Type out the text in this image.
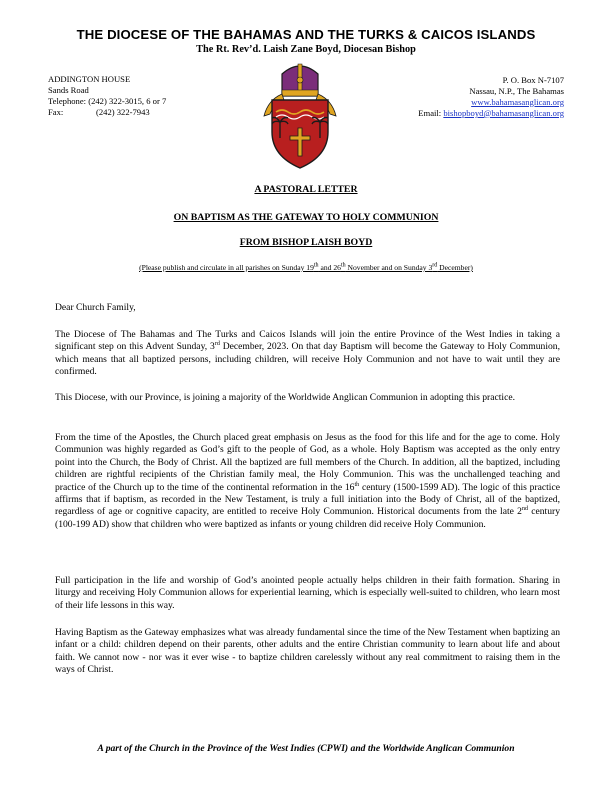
THE DIOCESE OF THE BAHAMAS AND THE TURKS & CAICOS ISLANDS
The Rt. Rev’d. Laish Zane Boyd, Diocesan Bishop
ADDINGTON HOUSE
Sands Road
Telephone: (242) 322-3015, 6 or 7
Fax:	(242) 322-7943
P. O. Box N-7107
Nassau, N.P., The Bahamas
www.bahamasanglican.org
Email: bishopboyd@bahamasanglican.org
A PASTORAL LETTER
ON BAPTISM AS THE GATEWAY TO HOLY COMMUNION
FROM BISHOP LAISH BOYD
(Please publish and circulate in all parishes on Sunday 19th and 26th November and on Sunday 3rd December)
Dear Church Family,
The Diocese of The Bahamas and The Turks and Caicos Islands will join the entire Province of the West Indies in taking a significant step on this Advent Sunday, 3rd December, 2023. On that day Baptism will become the Gateway to Holy Communion, which means that all baptized persons, including children, will receive Holy Communion and not have to wait until they are confirmed.
This Diocese, with our Province, is joining a majority of the Worldwide Anglican Communion in adopting this practice.
From the time of the Apostles, the Church placed great emphasis on Jesus as the food for this life and for the age to come. Holy Communion was highly regarded as God’s gift to the people of God, as a whole. Holy Baptism was accepted as the only entry point into the Church, the Body of Christ. All the baptized are full members of the Church. In addition, all the baptized, including children are rightful recipients of the Christian family meal, the Holy Communion. This was the unchallenged teaching and practice of the Church up to the time of the continental reformation in the 16th century (1500-1599 AD). The logic of this practice affirms that if baptism, as recorded in the New Testament, is truly a full initiation into the Body of Christ, all of the baptized, regardless of age or cognitive capacity, are entitled to receive Holy Communion. Historical documents from the late 2nd century (100-199 AD) show that children who were baptized as infants or young children did receive Holy Communion.
Full participation in the life and worship of God’s anointed people actually helps children in their faith formation. Sharing in liturgy and receiving Holy Communion allows for experiential learning, which is especially well-suited to children, who learn most of their life lessons in this way.
Having Baptism as the Gateway emphasizes what was already fundamental since the time of the New Testament when baptizing an infant or a child: children depend on their parents, other adults and the entire Christian community to learn about life and about faith. We cannot now - nor was it ever wise - to baptize children carelessly without any real commitment to raising them in the ways of Christ.
A part of the Church in the Province of the West Indies (CPWI) and the Worldwide Anglican Communion
